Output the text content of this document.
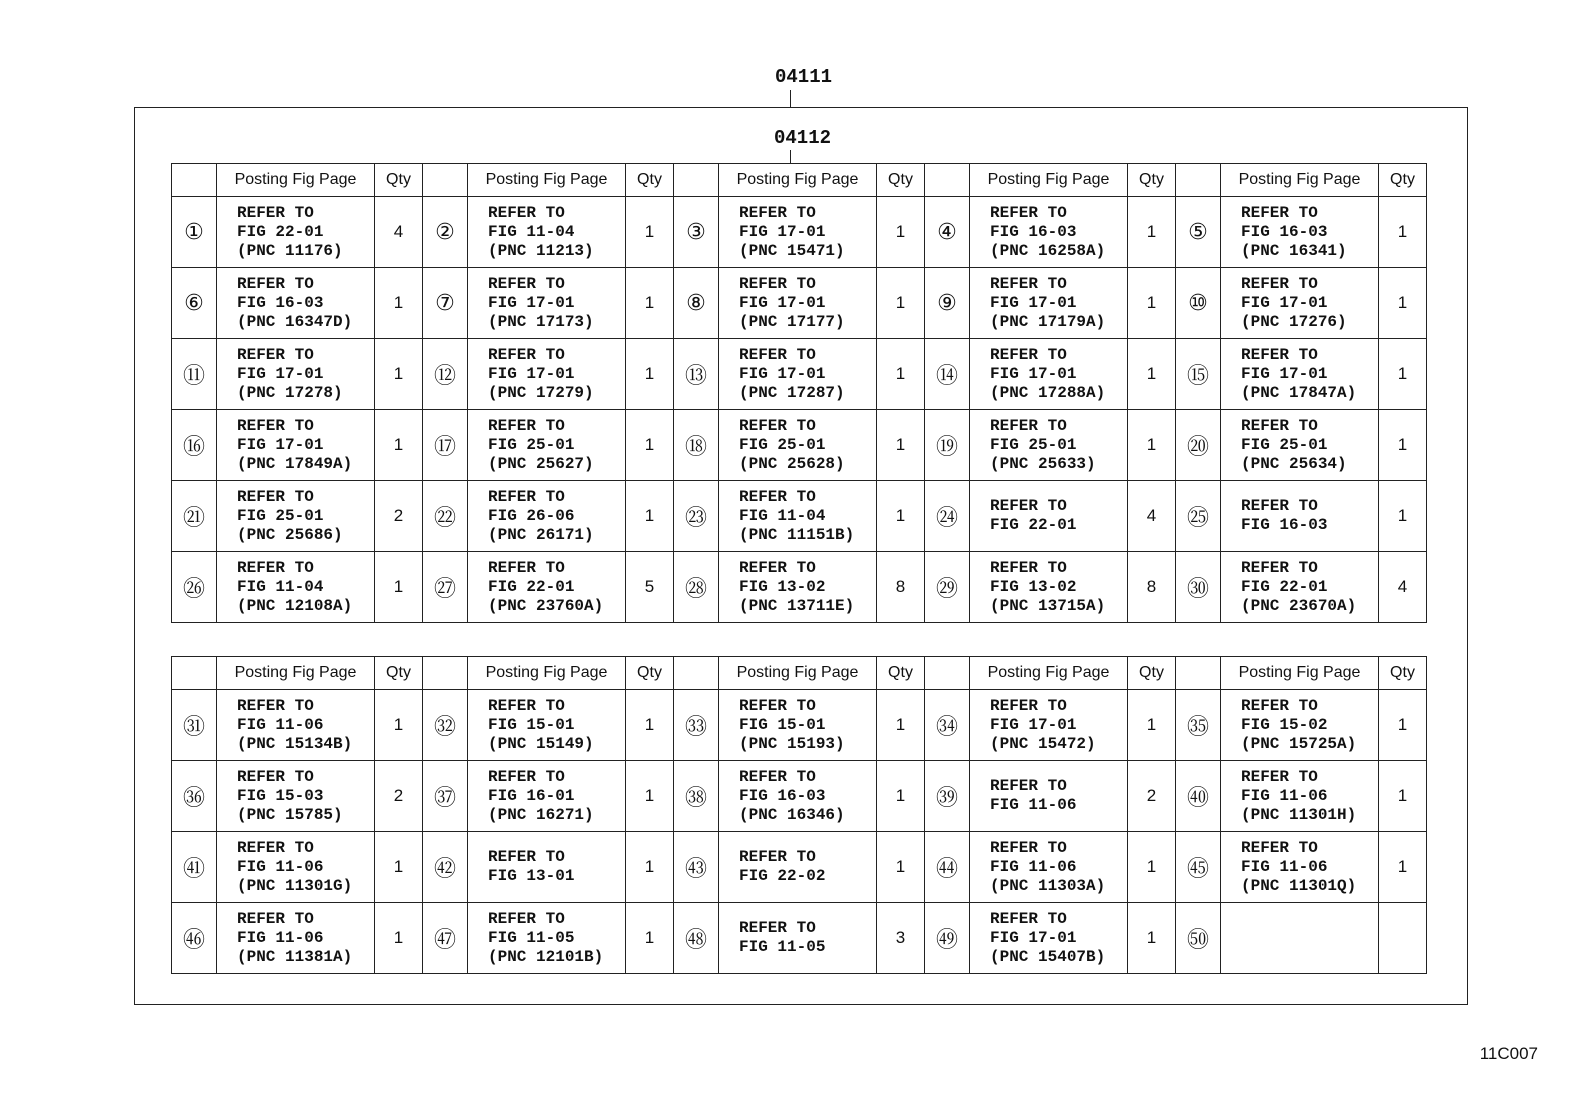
04111
04112
	Posting Fig Page	Qty		Posting Fig Page	Qty		Posting Fig Page	Qty		Posting Fig Page	Qty		Posting Fig Page	Qty
①	REFER TO
FIG 22-01
(PNC 11176)	4	②	REFER TO
FIG 11-04
(PNC 11213)	1	③	REFER TO
FIG 17-01
(PNC 15471)	1	④	REFER TO
FIG 16-03
(PNC 16258A)	1	⑤	REFER TO
FIG 16-03
(PNC 16341)	1
⑥	REFER TO
FIG 16-03
(PNC 16347D)	1	⑦	REFER TO
FIG 17-01
(PNC 17173)	1	⑧	REFER TO
FIG 17-01
(PNC 17177)	1	⑨	REFER TO
FIG 17-01
(PNC 17179A)	1	⑩	REFER TO
FIG 17-01
(PNC 17276)	1
⑪	REFER TO
FIG 17-01
(PNC 17278)	1	⑫	REFER TO
FIG 17-01
(PNC 17279)	1	⑬	REFER TO
FIG 17-01
(PNC 17287)	1	⑭	REFER TO
FIG 17-01
(PNC 17288A)	1	⑮	REFER TO
FIG 17-01
(PNC 17847A)	1
⑯	REFER TO
FIG 17-01
(PNC 17849A)	1	⑰	REFER TO
FIG 25-01
(PNC 25627)	1	⑱	REFER TO
FIG 25-01
(PNC 25628)	1	⑲	REFER TO
FIG 25-01
(PNC 25633)	1	⑳	REFER TO
FIG 25-01
(PNC 25634)	1
㉑	REFER TO
FIG 25-01
(PNC 25686)	2	㉒	REFER TO
FIG 26-06
(PNC 26171)	1	㉓	REFER TO
FIG 11-04
(PNC 11151B)	1	㉔	REFER TO
FIG 22-01	4	㉕	REFER TO
FIG 16-03	1
㉖	REFER TO
FIG 11-04
(PNC 12108A)	1	㉗	REFER TO
FIG 22-01
(PNC 23760A)	5	㉘	REFER TO
FIG 13-02
(PNC 13711E)	8	㉙	REFER TO
FIG 13-02
(PNC 13715A)	8	㉚	REFER TO
FIG 22-01
(PNC 23670A)	4
	Posting Fig Page	Qty		Posting Fig Page	Qty		Posting Fig Page	Qty		Posting Fig Page	Qty		Posting Fig Page	Qty
㉛	REFER TO
FIG 11-06
(PNC 15134B)	1	㉜	REFER TO
FIG 15-01
(PNC 15149)	1	㉝	REFER TO
FIG 15-01
(PNC 15193)	1	㉞	REFER TO
FIG 17-01
(PNC 15472)	1	㉟	REFER TO
FIG 15-02
(PNC 15725A)	1
㊱	REFER TO
FIG 15-03
(PNC 15785)	2	㊲	REFER TO
FIG 16-01
(PNC 16271)	1	㊳	REFER TO
FIG 16-03
(PNC 16346)	1	㊴	REFER TO
FIG 11-06	2	㊵	REFER TO
FIG 11-06
(PNC 11301H)	1
㊶	REFER TO
FIG 11-06
(PNC 11301G)	1	㊷	REFER TO
FIG 13-01	1	㊸	REFER TO
FIG 22-02	1	㊹	REFER TO
FIG 11-06
(PNC 11303A)	1	㊺	REFER TO
FIG 11-06
(PNC 11301Q)	1
㊻	REFER TO
FIG 11-06
(PNC 11381A)	1	㊼	REFER TO
FIG 11-05
(PNC 12101B)	1	㊽	REFER TO
FIG 11-05	3	㊾	REFER TO
FIG 17-01
(PNC 15407B)	1	㊿	

11C007
